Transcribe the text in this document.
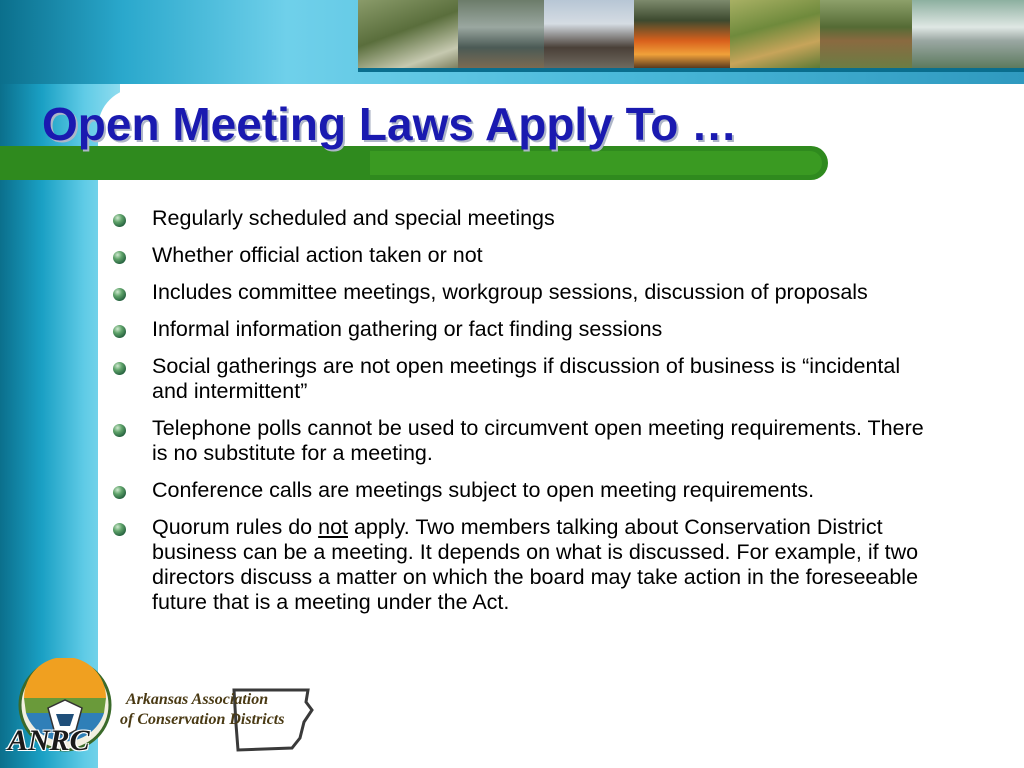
Open Meeting Laws Apply To …
Regularly scheduled and special meetings
Whether official action taken or not
Includes committee meetings, workgroup sessions, discussion of proposals
Informal information gathering or fact finding sessions
Social gatherings are not open meetings if discussion of business is “incidental and intermittent”
Telephone polls cannot be used to circumvent open meeting requirements. There is no substitute for a meeting.
Conference calls are meetings subject to open meeting requirements.
Quorum rules do not apply. Two members talking about Conservation District business can be a meeting. It depends on what is discussed. For example, if two directors discuss a matter on which the board may take action in the foreseeable future that is a meeting under the Act.

ANRC

Arkansas Association

of Conservation Districts
